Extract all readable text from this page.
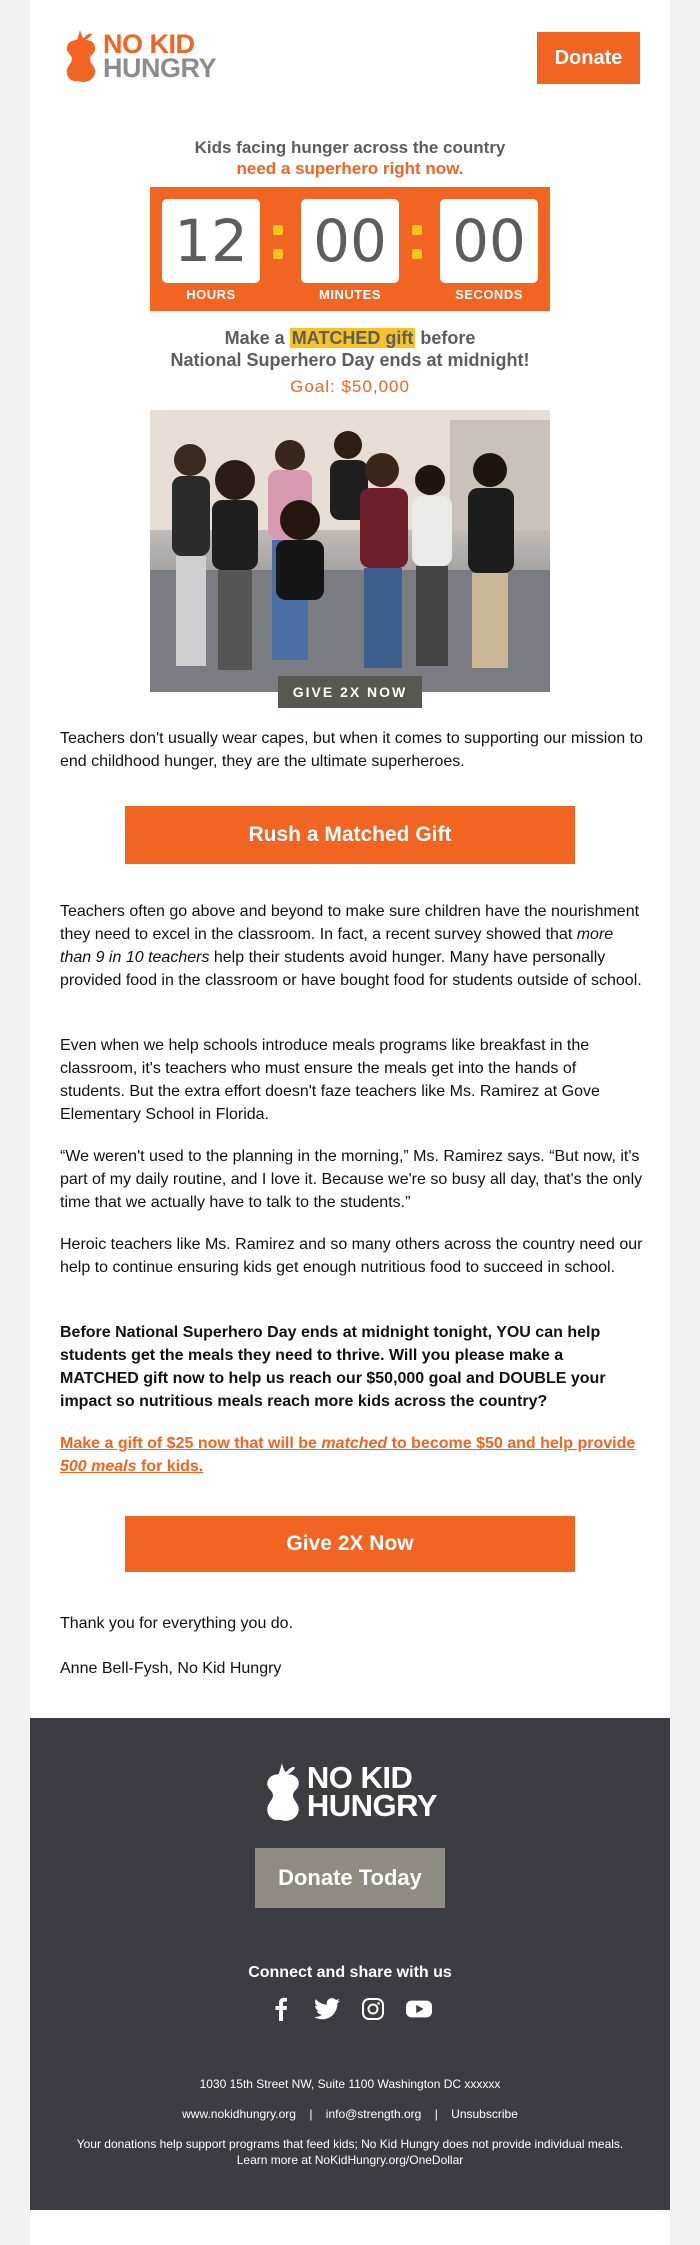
NO KID
HUNGRY	Donate
Kids facing hunger across the country
need a superhero right now.
12 00 00
HOURS	MINUTES	SECONDS
Make a MATCHED gift before
National Superhero Day ends at midnight!
Goal: $50,000
GIVE 2X NOW
Teachers don't usually wear capes, but when it comes to supporting our mission to end childhood hunger, they are the ultimate superheroes.
Rush a Matched Gift
Teachers often go above and beyond to make sure children have the nourishment they need to excel in the classroom. In fact, a recent survey showed that more than 9 in 10 teachers help their students avoid hunger. Many have personally provided food in the classroom or have bought food for students outside of school.
Even when we help schools introduce meals programs like breakfast in the classroom, it's teachers who must ensure the meals get into the hands of students. But the extra effort doesn't faze teachers like Ms. Ramirez at Gove Elementary School in Florida.
“We weren't used to the planning in the morning,” Ms. Ramirez says. “But now, it's part of my daily routine, and I love it. Because we're so busy all day, that's the only time that we actually have to talk to the students.”
Heroic teachers like Ms. Ramirez and so many others across the country need our help to continue ensuring kids get enough nutritious food to succeed in school.
Before National Superhero Day ends at midnight tonight, YOU can help students get the meals they need to thrive. Will you please make a MATCHED gift now to help us reach our $50,000 goal and DOUBLE your impact so nutritious meals reach more kids across the country?
Make a gift of $25 now that will be matched to become $50 and help provide 500 meals for kids.
Give 2X Now
Thank you for everything you do.
Anne Bell-Fysh, No Kid Hungry
NO KID
HUNGRY
Donate Today
Connect and share with us
1030 15th Street NW, Suite 1100 Washington DC xxxxxx
www.nokidhungry.org | info@strength.org | Unsubscribe
Your donations help support programs that feed kids; No Kid Hungry does not provide individual meals.
Learn more at NoKidHungry.org/OneDollar
